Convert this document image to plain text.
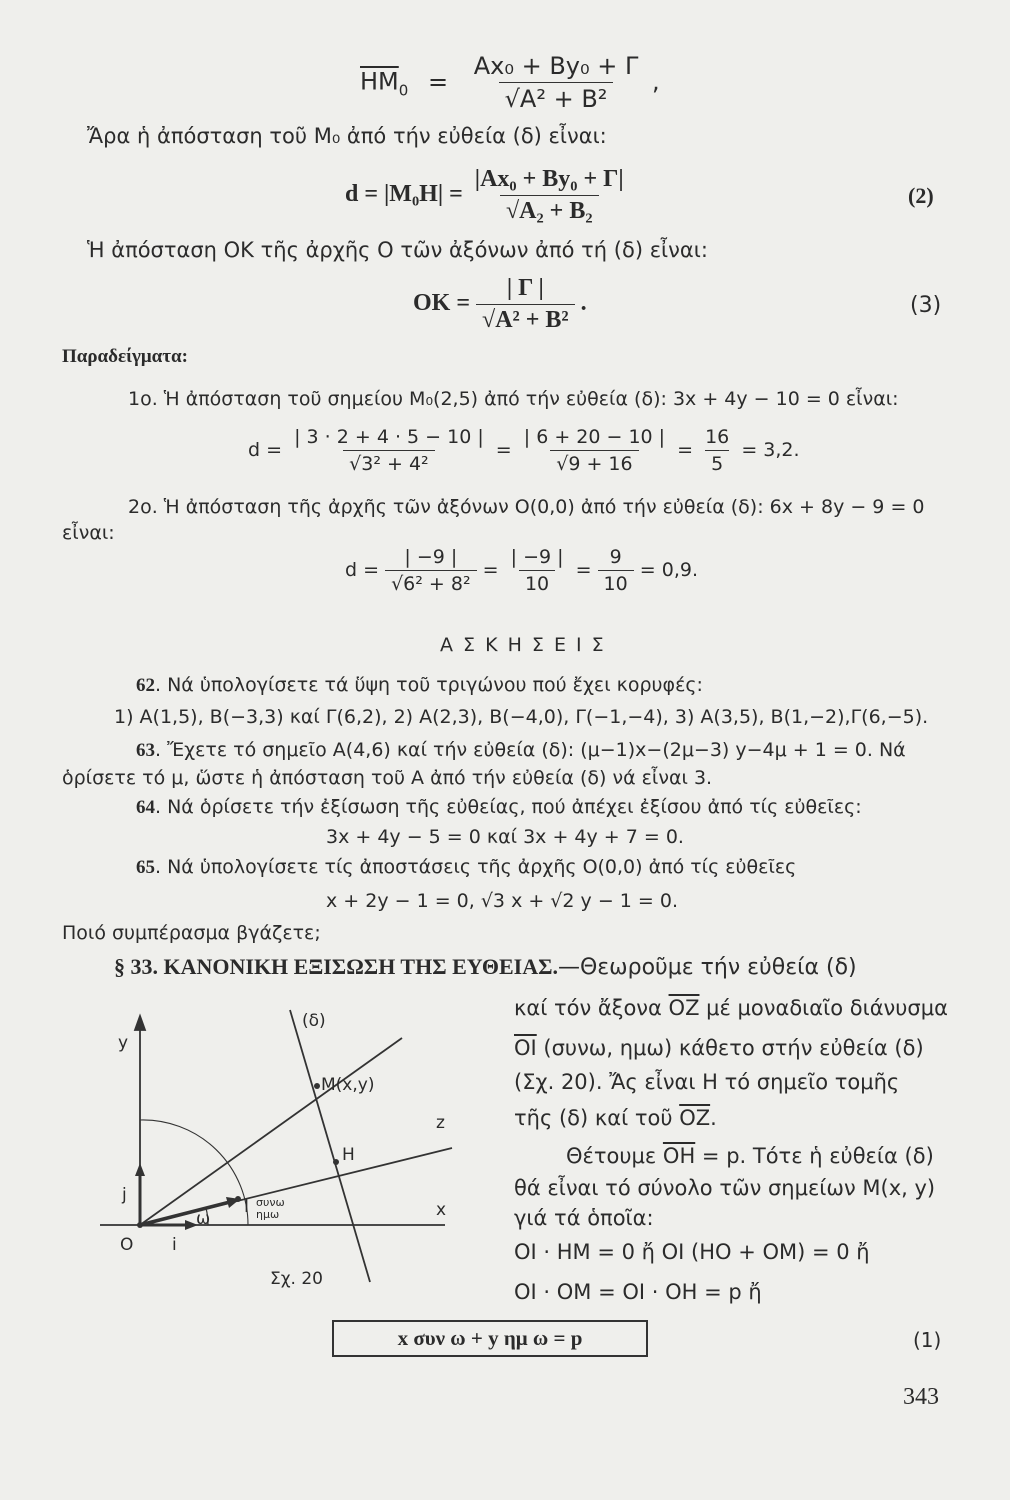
$\overline{HM}_0 = \frac{\text{Ax₀ + By₀ + Γ}}{\text{√A² + B²}}$ ,
Ἄρα ἡ ἀπόσταση τοῦ M₀ ἀπό τήν εὐθεία (δ) εἶναι:
$d = |M_0H| = \frac{\text{|Ax₀ + By₀ + Γ|}}{\text{√A₂ + B₂}}$	(2)
Ἡ ἀπόσταση ΟΚ τῆς ἀρχῆς Ο τῶν ἀξόνων ἀπό τή (δ) εἶναι:
OK = $\frac{| \Gamma |}{\text{√A² + B²}}$ .	(3)
Παραδείγματα:
1ο. Ἡ ἀπόσταση τοῦ σημείου M₀(2,5) ἀπό τήν εὐθεία (δ): 3x + 4y − 10 = 0 εἶναι:
$d = \frac{| 3 \cdot 2 + 4 \cdot 5 - 10 |}{\text{√3² + 4²}} = \frac{| 6 + 20 - 10 |}{√9 + 16} = \frac{16}{5} = 3,2$.
2ο. Ἡ ἀπόσταση τῆς ἀρχῆς τῶν ἀξόνων O(0,0) ἀπό τήν εὐθεία (δ): 6x + 8y − 9 = 0
εἶναι:
$d = \frac{| -9 |}{\text{√6² + 8²}} = \frac{| -9 |}{10} = \frac{9}{10} = 0,9$.
Α Σ Κ Η Σ Ε Ι Σ
62. Νά ὑπολογίσετε τά ὕψη τοῦ τριγώνου πού ἔχει κορυφές:
1) A(1,5), B(−3,3) καί Γ(6,2), 2) A(2,3), B(−4,0), Γ(−1,−4), 3) A(3,5), B(1,−2),Γ(6,−5).
63. Ἔχετε τό σημεῖο A(4,6) καί τήν εὐθεία (δ): (μ−1)x−(2μ−3) y−4μ + 1 = 0. Νά
ὁρίσετε τό μ, ὥστε ἡ ἀπόσταση τοῦ A ἀπό τήν εὐθεία (δ) νά εἶναι 3.
64. Νά ὁρίσετε τήν ἐξίσωση τῆς εὐθείας, πού ἀπέχει ἐξίσου ἀπό τίς εὐθεῖες:
3x + 4y − 5 = 0 καί 3x + 4y + 7 = 0.
65. Νά ὑπολογίσετε τίς ἀποστάσεις τῆς ἀρχῆς O(0,0) ἀπό τίς εὐθεῖες
x + 2y − 1 = 0, √3 x + √2 y − 1 = 0.
Ποιό συμπέρασμα βγάζετε;
§ 33. ΚΑΝΟΝΙΚΗ ΕΞΙΣΩΣΗ ΤΗΣ ΕΥΘΕΙΑΣ.—Θεωροῦμε τήν εὐθεία (δ)
καί τόν ἄξονα $\overline{OZ}$ μέ μοναδιαῖο διάνυσμα
$\overline{OI}$ (συνω, ημω) κάθετο στήν εὐθεία (δ)
(Σχ. 20). Ἄς εἶναι H τό σημεῖο τομῆς
τῆς (δ) καί τοῦ $\overline{OZ}$.
Θέτουμε $\overline{OH} = p$. Τότε ἡ εὐθεία (δ)
θά εἶναι τό σύνολο τῶν σημείων M(x, y)
γιά τά ὁποῖα:
OI · HM = 0 ἤ OI (HO + OM) = 0 ἤ
OI · OM = OI · OH = p ἤ
x συν ω + y ημ ω = p	(1)
y
x
O
(δ)
M(x,y)
H
z
j
i
ω
I συνω
ημω
Σχ. 20
343
